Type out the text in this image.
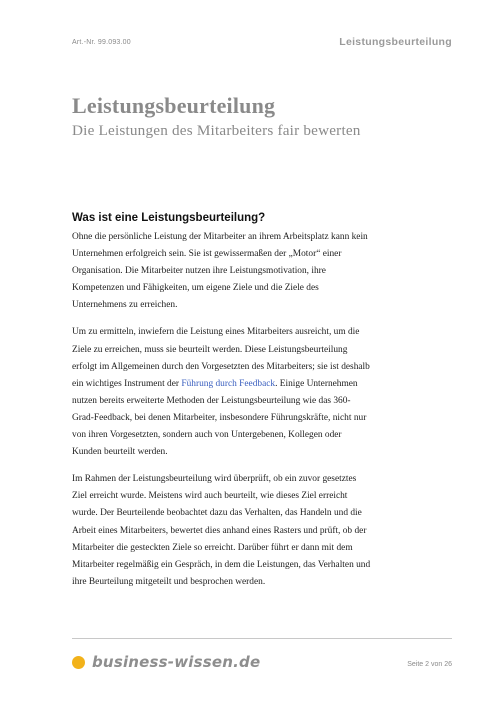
Art.-Nr. 99.093.00	Leistungsbeurteilung
Leistungsbeurteilung
Die Leistungen des Mitarbeiters fair bewerten
Was ist eine Leistungsbeurteilung?

Ohne die persönliche Leistung der Mitarbeiter an ihrem Arbeitsplatz kann kein Unternehmen erfolgreich sein. Sie ist gewissermaßen der „Motor“ einer Organisation. Die Mitarbeiter nutzen ihre Leistungsmotivation, ihre Kompetenzen und Fähigkeiten, um eigene Ziele und die Ziele des Unternehmens zu erreichen.

Um zu ermitteln, inwiefern die Leistung eines Mitarbeiters ausreicht, um die Ziele zu erreichen, muss sie beurteilt werden. Diese Leistungsbeurteilung erfolgt im Allgemeinen durch den Vorgesetzten des Mitarbeiters; sie ist deshalb ein wichtiges Instrument der Führung durch Feedback. Einige Unternehmen nutzen bereits erweiterte Methoden der Leistungsbeurteilung wie das 360-Grad-Feedback, bei denen Mitarbeiter, insbesondere Führungskräfte, nicht nur von ihren Vorgesetzten, sondern auch von Untergebenen, Kollegen oder Kunden beurteilt werden.

Im Rahmen der Leistungsbeurteilung wird überprüft, ob ein zuvor gesetztes Ziel erreicht wurde. Meistens wird auch beurteilt, wie dieses Ziel erreicht wurde. Der Beurteilende beobachtet dazu das Verhalten, das Handeln und die Arbeit eines Mitarbeiters, bewertet dies anhand eines Rasters und prüft, ob der Mitarbeiter die gesteckten Ziele so erreicht. Darüber führt er dann mit dem Mitarbeiter regelmäßig ein Gespräch, in dem die Leistungen, das Verhalten und ihre Beurteilung mitgeteilt und besprochen werden.

business-wissen.de	Seite 2 von 26
